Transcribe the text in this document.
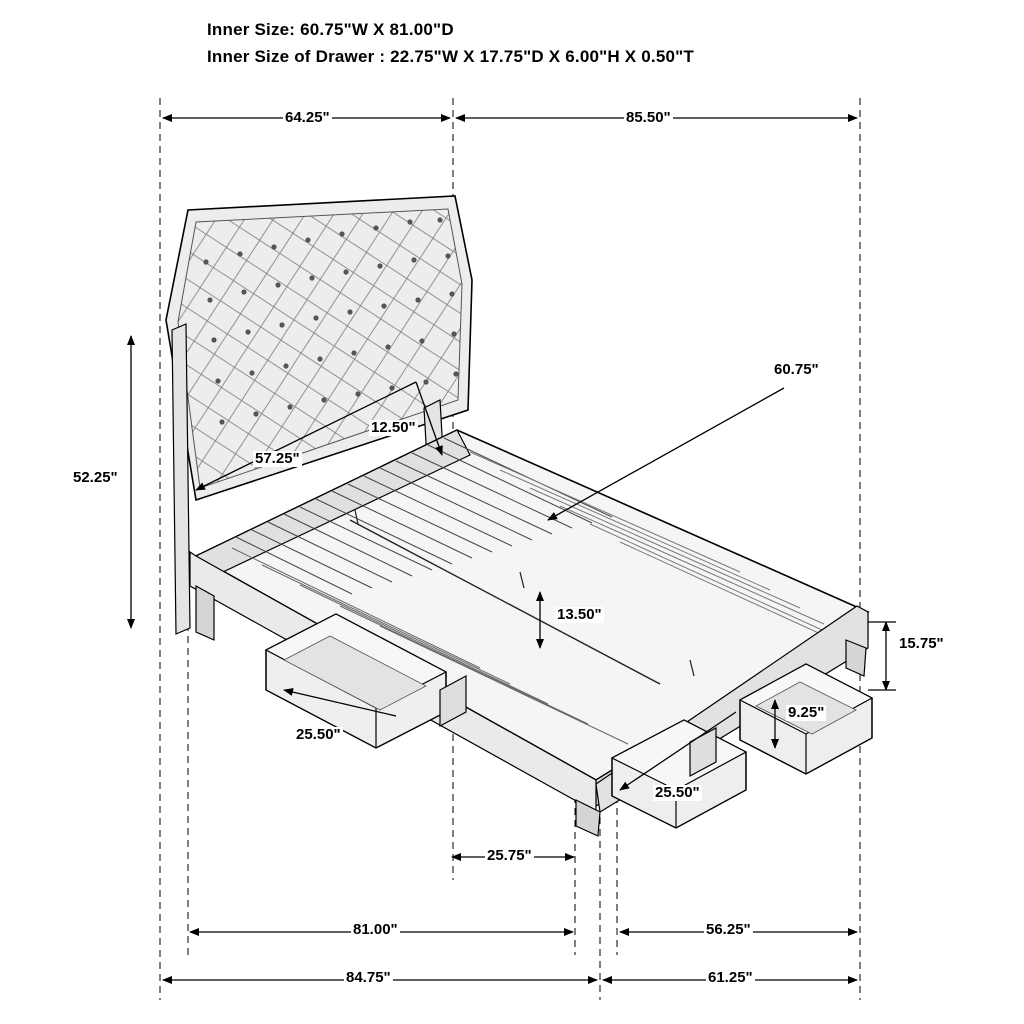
Inner Size: 60.75"W X 81.00"D
Inner Size of Drawer : 22.75"W X 17.75"D X 6.00"H X 0.50"T
64.25"	85.50"
52.25"
57.25"
12.50"
60.75"
13.50"
15.75"
9.25"
25.50"
25.50"
25.75"
81.00"	56.25"
84.75"	61.25"
